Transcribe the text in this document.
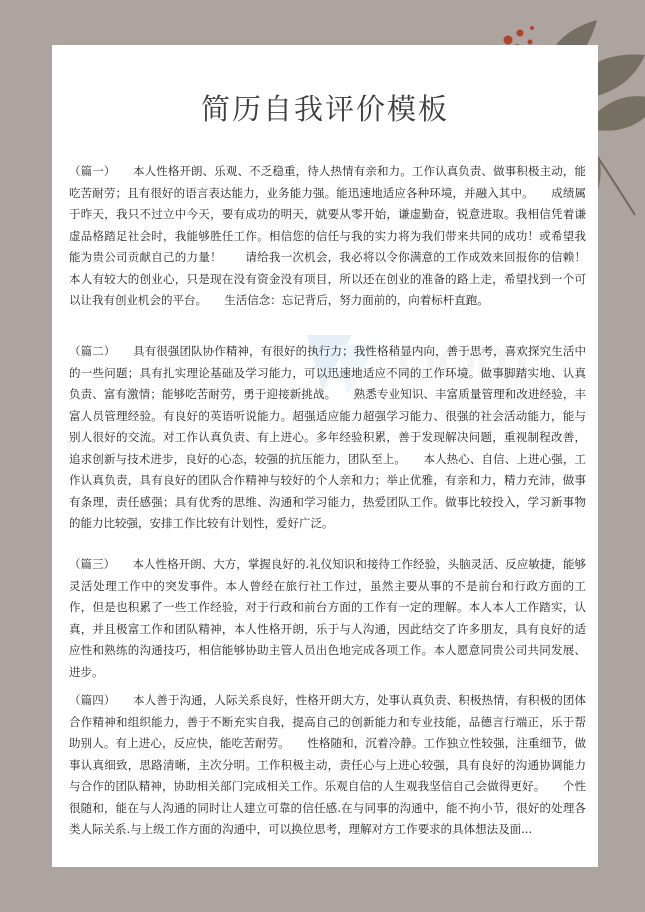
简历自我评价模板

（篇一）　　本人性格开朗、乐观、不乏稳重，待人热情有亲和力。工作认真负责、做事积极主动，能吃苦耐劳；且有很好的语言表达能力，业务能力强。能迅速地适应各种环境，并融入其中。　　成绩属于昨天，我只不过立中今天，要有成功的明天，就要从零开始，谦虚勤奋，锐意进取。我相信凭着谦虚品格踏足社会时，我能够胜任工作。相信您的信任与我的实力将为我们带来共同的成功！或希望我能为贵公司贡献自己的力量！　　请给我一次机会，我必将以令你满意的工作成效来回报你的信赖！　　本人有较大的创业心，只是现在没有资金没有项目，所以还在创业的准备的路上走，希望找到一个可以让我有创业机会的平台。　　生活信念：忘记背后，努力面前的，向着标杆直跑。

（篇二）　　具有很强团队协作精神，有很好的执行力；我性格稍显内向，善于思考，喜欢探究生活中的一些问题；具有扎实理论基础及学习能力，可以迅速地适应不同的工作环境。做事脚踏实地、认真负责、富有激情；能够吃苦耐劳，勇于迎接新挑战。　　熟悉专业知识、丰富质量管理和改进经验，丰富人员管理经验。有良好的英语听说能力。超强适应能力超强学习能力、很强的社会活动能力，能与别人很好的交流。对工作认真负责、有上进心。多年经验积累，善于发现解决问题，重视制程改善，追求创新与技术进步，良好的心态，较强的抗压能力，团队至上。　　本人热心、自信、上进心强，工作认真负责，具有良好的团队合作精神与较好的个人亲和力；举止优雅，有亲和力，精力充沛，做事有条理，责任感强；具有优秀的思维、沟通和学习能力，热爱团队工作。做事比较投入，学习新事物的能力比较强，安排工作比较有计划性，爱好广泛。

（篇三）　　本人性格开朗、大方，掌握良好的.礼仪知识和接待工作经验，头脑灵活、反应敏捷，能够灵活处理工作中的突发事件。本人曾经在旅行社工作过，虽然主要从事的不是前台和行政方面的工作，但是也积累了一些工作经验，对于行政和前台方面的工作有一定的理解。本人本人工作踏实，认真，并且极富工作和团队精神，本人性格开朗，乐于与人沟通，因此结交了许多朋友，具有良好的适　　应性和熟练的沟通技巧，相信能够协助主管人员出色地完成各项工作。本人愿意同贵公司共同发展、进步。

（篇四）　　本人善于沟通，人际关系良好，性格开朗大方，处事认真负责、积极热情，有积极的团体合作精神和组织能力，善于不断充实自我，提高自己的创新能力和专业技能，品德言行端正，乐于帮助别人。有上进心，反应快，能吃苦耐劳。　　性格随和，沉着冷静。工作独立性较强，注重细节，做事认真细致，思路清晰，主次分明。工作积极主动，责任心与上进心较强，具有良好的沟通协调能力与合作的团队精神，协助相关部门完成相关工作。乐观自信的人生观我坚信自己会做得更好。　　个性很随和，能在与人沟通的同时让人建立可靠的信任感.在与同事的沟通中，能不拘小节，很好的处理各类人际关系.与上级工作方面的沟通中，可以换位思考，理解对方工作要求的具体想法及面...
